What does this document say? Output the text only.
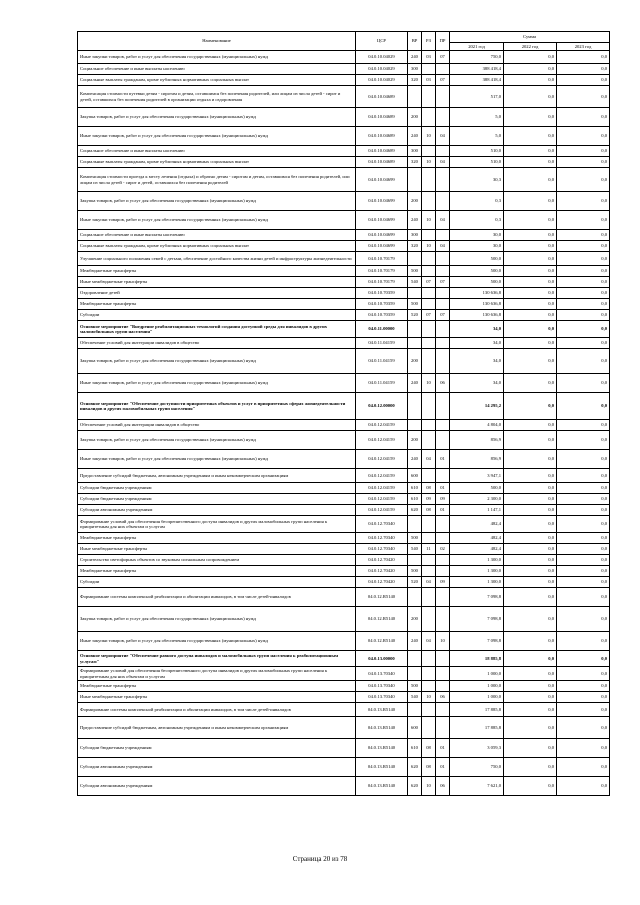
Наименование	ЦСР	ВР	РЗ	ПР	Сумма		
					2021 год	2022 год	2023 год
Иные закупки товаров, работ и услуг для обеспечения государственных (муниципальных) нужд	04.0.10.04029	240	03	07	750,0	0,0	0,0
Социальное обеспечение и иные выплаты населению	04.0.10.04029	300			388 418,4	0,0	0,0
Социальные выплаты гражданам, кроме публичных нормативных социальных выплат	04.0.10.04029	320	03	07	388 418,4	0,0	0,0
Компенсация стоимости путевки детям - сиротам и детям, оставшимся без попечения родителей, или лицам из числа детей - сирот и детей, оставшихся без попечения родителей в организации отдыха и оздоровления	04.0.10.04689				517,0	0,0	0,0
Закупка товаров, работ и услуг для обеспечения государственных (муниципальных) нужд	04.0.10.04689	200			5,0	0,0	0,0
Иные закупки товаров, работ и услуг для обеспечения государственных (муниципальных) нужд	04.0.10.04689	240	10	04	5,0	0,0	0,0
Социальное обеспечение и иные выплаты населению	04.0.10.04689	300			510,0	0,0	0,0
Социальные выплаты гражданам, кроме публичных нормативных социальных выплат	04.0.10.04689	320	10	04	510,0	0,0	0,0
Компенсация стоимости проезда к месту лечения (отдыха) и обратно детям - сиротам и детям, оставшимся без попечения родителей, или лицам из числа детей - сирот и детей, оставшихся без попечения родителей	04.0.10.04699				30,3	0,0	0,0
Закупка товаров, работ и услуг для обеспечения государственных (муниципальных) нужд	04.0.10.04699	200			0,3	0,0	0,0
Иные закупки товаров, работ и услуг для обеспечения государственных (муниципальных) нужд	04.0.10.04699	240	10	04	0,3	0,0	0,0
Социальное обеспечение и иные выплаты населению	04.0.10.04699	300			30,0	0,0	0,0
Социальные выплаты гражданам, кроме публичных нормативных социальных выплат	04.0.10.04699	320	10	04	30,0	0,0	0,0
Улучшение социального положения семей с детьми, обеспечение достойного качества жизни детей и инфраструктуры жизнедеятельности	04.0.10.70179				500,0	0,0	0,0
Межбюджетные трансферты	04.0.10.70179	500			500,0	0,0	0,0
Иные межбюджетные трансферты	04.0.10.70179	540	07	07	500,0	0,0	0,0
Оздоровление детей	04.0.10.70359				130 636,8	0,0	0,0
Межбюджетные трансферты	04.0.10.70359	500			130 636,8	0,0	0,0
Субсидии	04.0.10.70359	520	07	07	130 636,8	0,0	0,0
Основное мероприятие "Внедрение реабилитационных технологий создания доступной среды для инвалидов в других маломобильных групп населения"	04.0.11.00000				34,0	0,0	0,0
Обеспечение условий для интеграции инвалидов в общество	04.0.11.04159				34,0	0,0	0,0
Закупка товаров, работ и услуг для обеспечения государственных (муниципальных) нужд	04.0.11.04159	200			34,0	0,0	0,0
Иные закупки товаров, работ и услуг для обеспечения государственных (муниципальных) нужд	04.0.11.04159	240	10	06	34,0	0,0	0,0
Основное мероприятие "Обеспечение доступности приоритетных объектов и услуг в приоритетных сферах жизнедеятельности инвалидов и других маломобильных групп населения"	04.0.12.00000				14 295,2	0,0	0,0
Обеспечение условий для интеграции инвалидов в общество	04.0.12.04159				4 804,0	0,0	0,0
Закупка товаров, работ и услуг для обеспечения государственных (муниципальных) нужд	04.0.12.04159	200			856,9	0,0	0,0
Иные закупки товаров, работ и услуг для обеспечения государственных (муниципальных) нужд	04.0.12.04159	240	04	01	856,9	0,0	0,0
Предоставление субсидий бюджетным, автономным учреждениям и иным некоммерческим организациям	04.0.12.04159	600			3 947,1	0,0	0,0
Субсидии бюджетным учреждениям	04.0.12.04159	610	08	01	500,0	0,0	0,0
Субсидии бюджетным учреждениям	04.0.12.04159	610	09	09	2 300,0	0,0	0,0
Субсидии автономным учреждениям	04.0.12.04159	620	08	01	1 147,1	0,0	0,0
Формирование условий для обеспечения беспрепятственного доступа инвалидов и других маломобильных групп населения к приоритетным для них объектам и услугам	04.0.12.70340				482,4	0,0	0,0
Межбюджетные трансферты	04.0.12.70340	500			482,4	0,0	0,0
Иные межбюджетные трансферты	04.0.12.70340	540	11	02	482,4	0,0	0,0
Строительство светофорных объектов со звуковым сигнальным сопровождением	04.0.12.70420				1 300,0	0,0	0,0
Межбюджетные трансферты	04.0.12.70420	500			1 300,0	0,0	0,0
Субсидии	04.0.12.70420	520	04	09	1 300,0	0,0	0,0
Формирование системы комплексной реабилитации и абилитации инвалидов, в том числе детей-инвалидов	04.0.12.R5140				7 098,8	0,0	0,0
Закупка товаров, работ и услуг для обеспечения государственных (муниципальных) нужд	04.0.12.R5140	200			7 098,8	0,0	0,0
Иные закупки товаров, работ и услуг для обеспечения государственных (муниципальных) нужд	04.0.12.R5140	240	04	10	7 098,8	0,0	0,0
Основное мероприятие "Обеспечение равного доступа инвалидов и маломобильных групп населения к реабилитационным услугам"	04.0.13.00000				18 885,8	0,0	0,0
Формирование условий для обеспечения беспрепятственного доступа инвалидов и других маломобильных групп населения к приоритетным для них объектам и услугам	04.0.13.70340				1 000,0	0,0	0,0
Межбюджетные трансферты	04.0.13.70340	500			1 000,0	0,0	0,0
Иные межбюджетные трансферты	04.0.13.70340	540	10	06	1 000,0	0,0	0,0
Формирование системы комплексной реабилитации и абилитации инвалидов, в том числе детей-инвалидов	04.0.13.R5140				17 885,8	0,0	0,0
Предоставление субсидий бюджетным, автономным учреждениям и иным некоммерческим организациям	04.0.13.R5140	600			17 885,8	0,0	0,0
Субсидии бюджетным учреждениям	04.0.13.R5140	610	08	01	3 059,3	0,0	0,0
Субсидии автономным учреждениям	04.0.13.R5140	620	08	01	750,0	0,0	0,0
Субсидии автономным учреждениям	04.0.13.R5140	620	10	06	7 621,0	0,0	0,0
Страница 20 из 78
